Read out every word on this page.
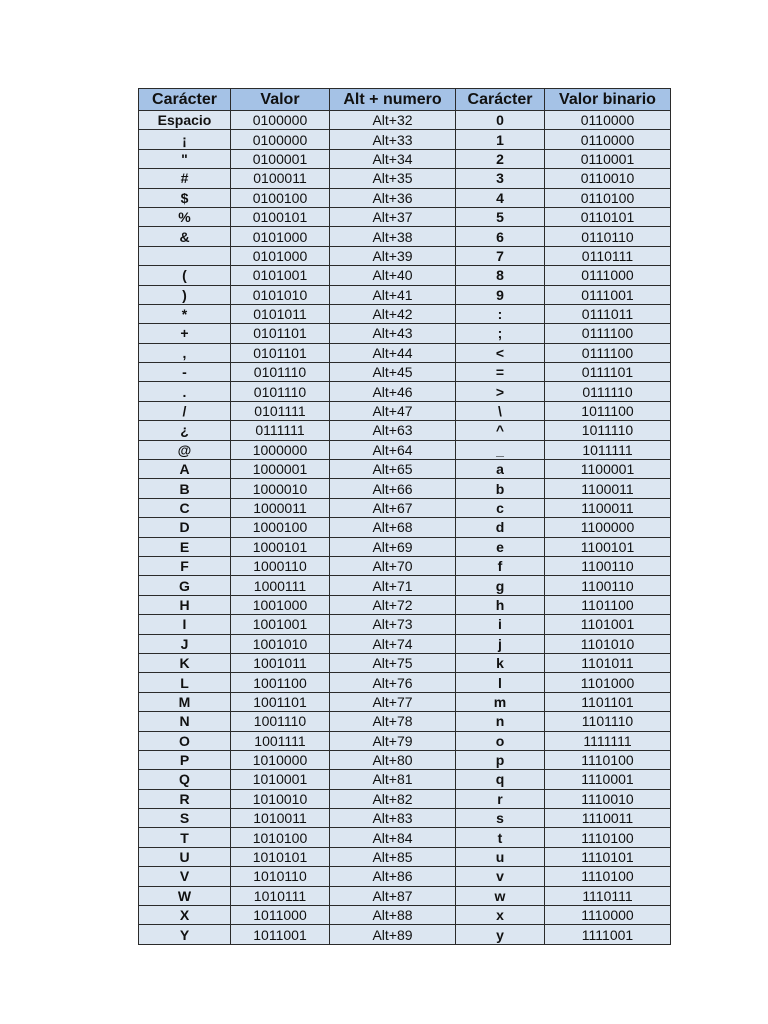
Carácter	Valor	Alt + numero	Carácter	Valor binario
Espacio	0100000	Alt+32	0	0110000
¡	0100000	Alt+33	1	0110000
"	0100001	Alt+34	2	0110001
#	0100011	Alt+35	3	0110010
$	0100100	Alt+36	4	0110100
%	0100101	Alt+37	5	0110101
&	0101000	Alt+38	6	0110110
	0101000	Alt+39	7	0110111
(	0101001	Alt+40	8	0111000
)	0101010	Alt+41	9	0111001
*	0101011	Alt+42	:	0111011
+	0101101	Alt+43	;	0111100
,	0101101	Alt+44	<	0111100
-	0101110	Alt+45	=	0111101
.	0101110	Alt+46	>	0111110
/	0101111	Alt+47	\	1011100
¿	0111111	Alt+63	^	1011110
@	1000000	Alt+64	_	1011111
A	1000001	Alt+65	a	1100001
B	1000010	Alt+66	b	1100011
C	1000011	Alt+67	c	1100011
D	1000100	Alt+68	d	1100000
E	1000101	Alt+69	e	1100101
F	1000110	Alt+70	f	1100110
G	1000111	Alt+71	g	1100110
H	1001000	Alt+72	h	1101100
I	1001001	Alt+73	i	1101001
J	1001010	Alt+74	j	1101010
K	1001011	Alt+75	k	1101011
L	1001100	Alt+76	l	1101000
M	1001101	Alt+77	m	1101101
N	1001110	Alt+78	n	1101110
O	1001111	Alt+79	o	1111111
P	1010000	Alt+80	p	1110100
Q	1010001	Alt+81	q	1110001
R	1010010	Alt+82	r	1110010
S	1010011	Alt+83	s	1110011
T	1010100	Alt+84	t	1110100
U	1010101	Alt+85	u	1110101
V	1010110	Alt+86	v	1110100
W	1010111	Alt+87	w	1110111
X	1011000	Alt+88	x	1110000
Y	1011001	Alt+89	y	1111001
